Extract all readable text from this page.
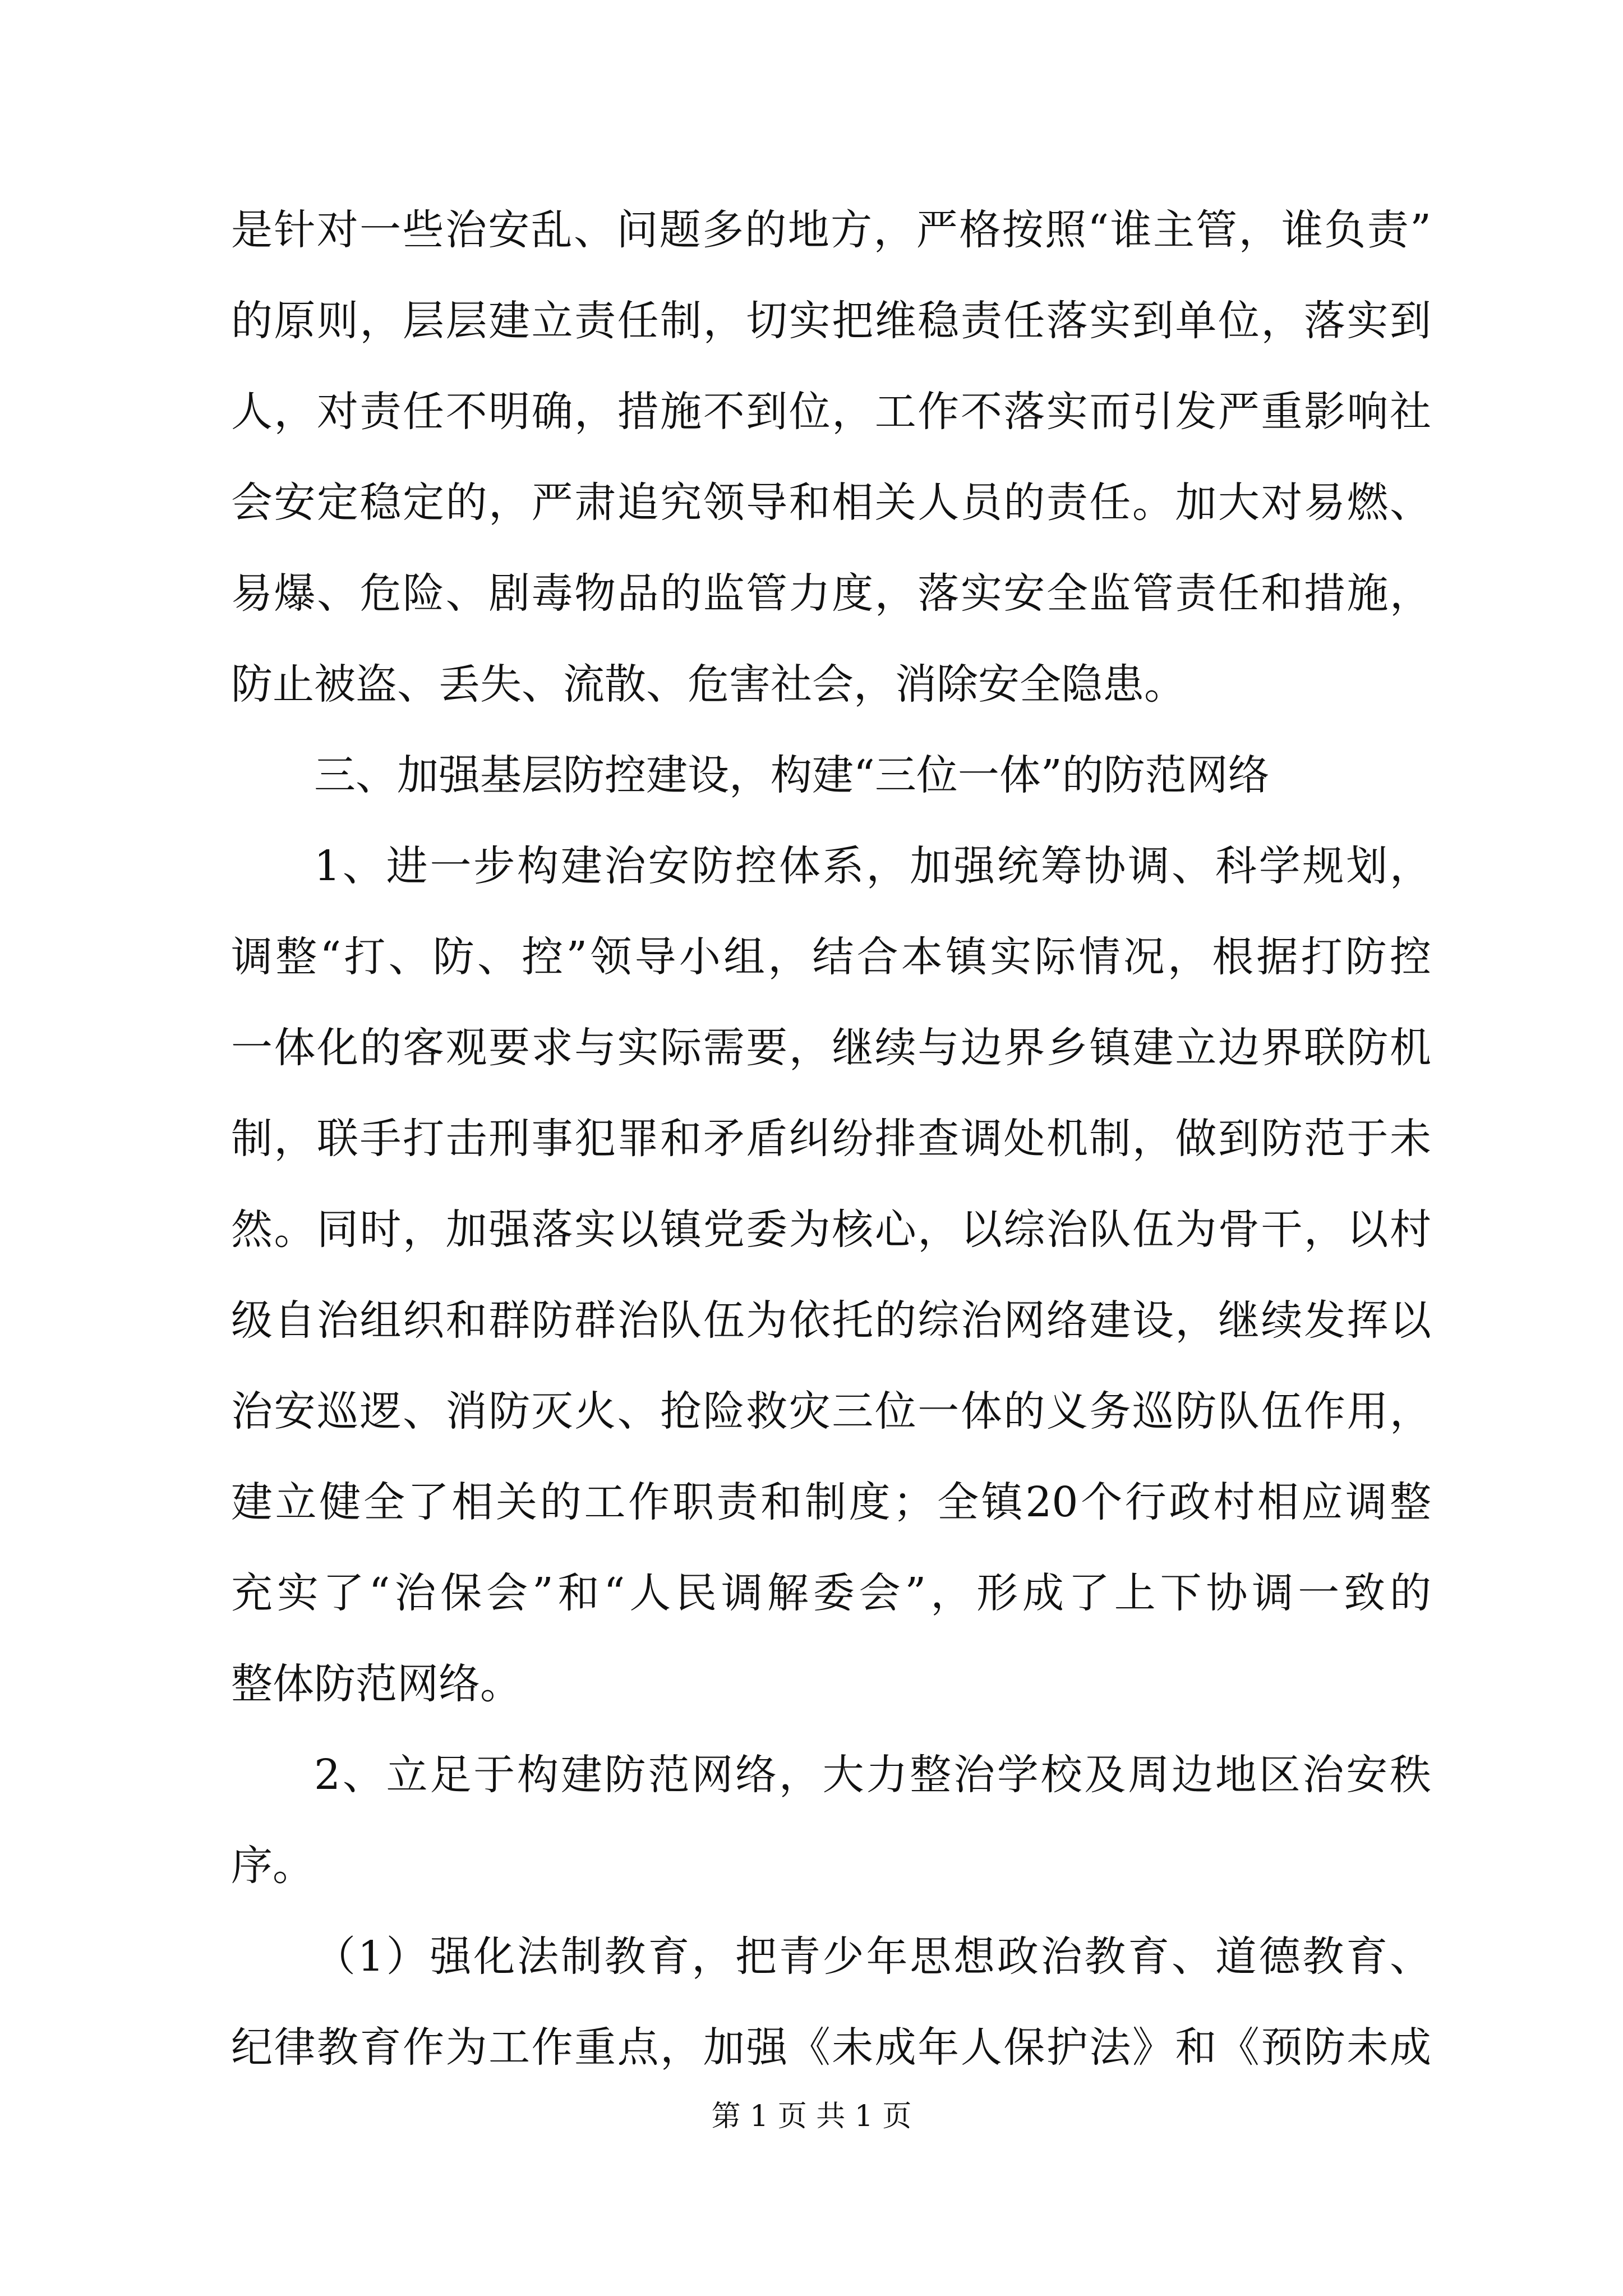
是针对一些治安乱、问题多的地方，严格按照“谁主管，谁负责”
的原则，层层建立责任制，切实把维稳责任落实到单位，落实到
人，对责任不明确，措施不到位，工作不落实而引发严重影响社
会安定稳定的，严肃追究领导和相关人员的责任。加大对易燃、
易爆、危险、剧毒物品的监管力度，落实安全监管责任和措施，
防止被盗、丢失、流散、危害社会，消除安全隐患。
三、加强基层防控建设，构建“三位一体”的防范网络
1、进一步构建治安防控体系，加强统筹协调、科学规划，
调整“打、防、控”领导小组，结合本镇实际情况，根据打防控
一体化的客观要求与实际需要，继续与边界乡镇建立边界联防机
制，联手打击刑事犯罪和矛盾纠纷排查调处机制，做到防范于未
然。同时，加强落实以镇党委为核心，以综治队伍为骨干，以村
级自治组织和群防群治队伍为依托的综治网络建设，继续发挥以
治安巡逻、消防灭火、抢险救灾三位一体的义务巡防队伍作用，
建立健全了相关的工作职责和制度；全镇20个行政村相应调整
充实了“治保会”和“人民调解委会”，形成了上下协调一致的
整体防范网络。
2、立足于构建防范网络，大力整治学校及周边地区治安秩
序。
（1）强化法制教育，把青少年思想政治教育、道德教育、
纪律教育作为工作重点，加强《未成年人保护法》和《预防未成
第 1 页 共 1 页
